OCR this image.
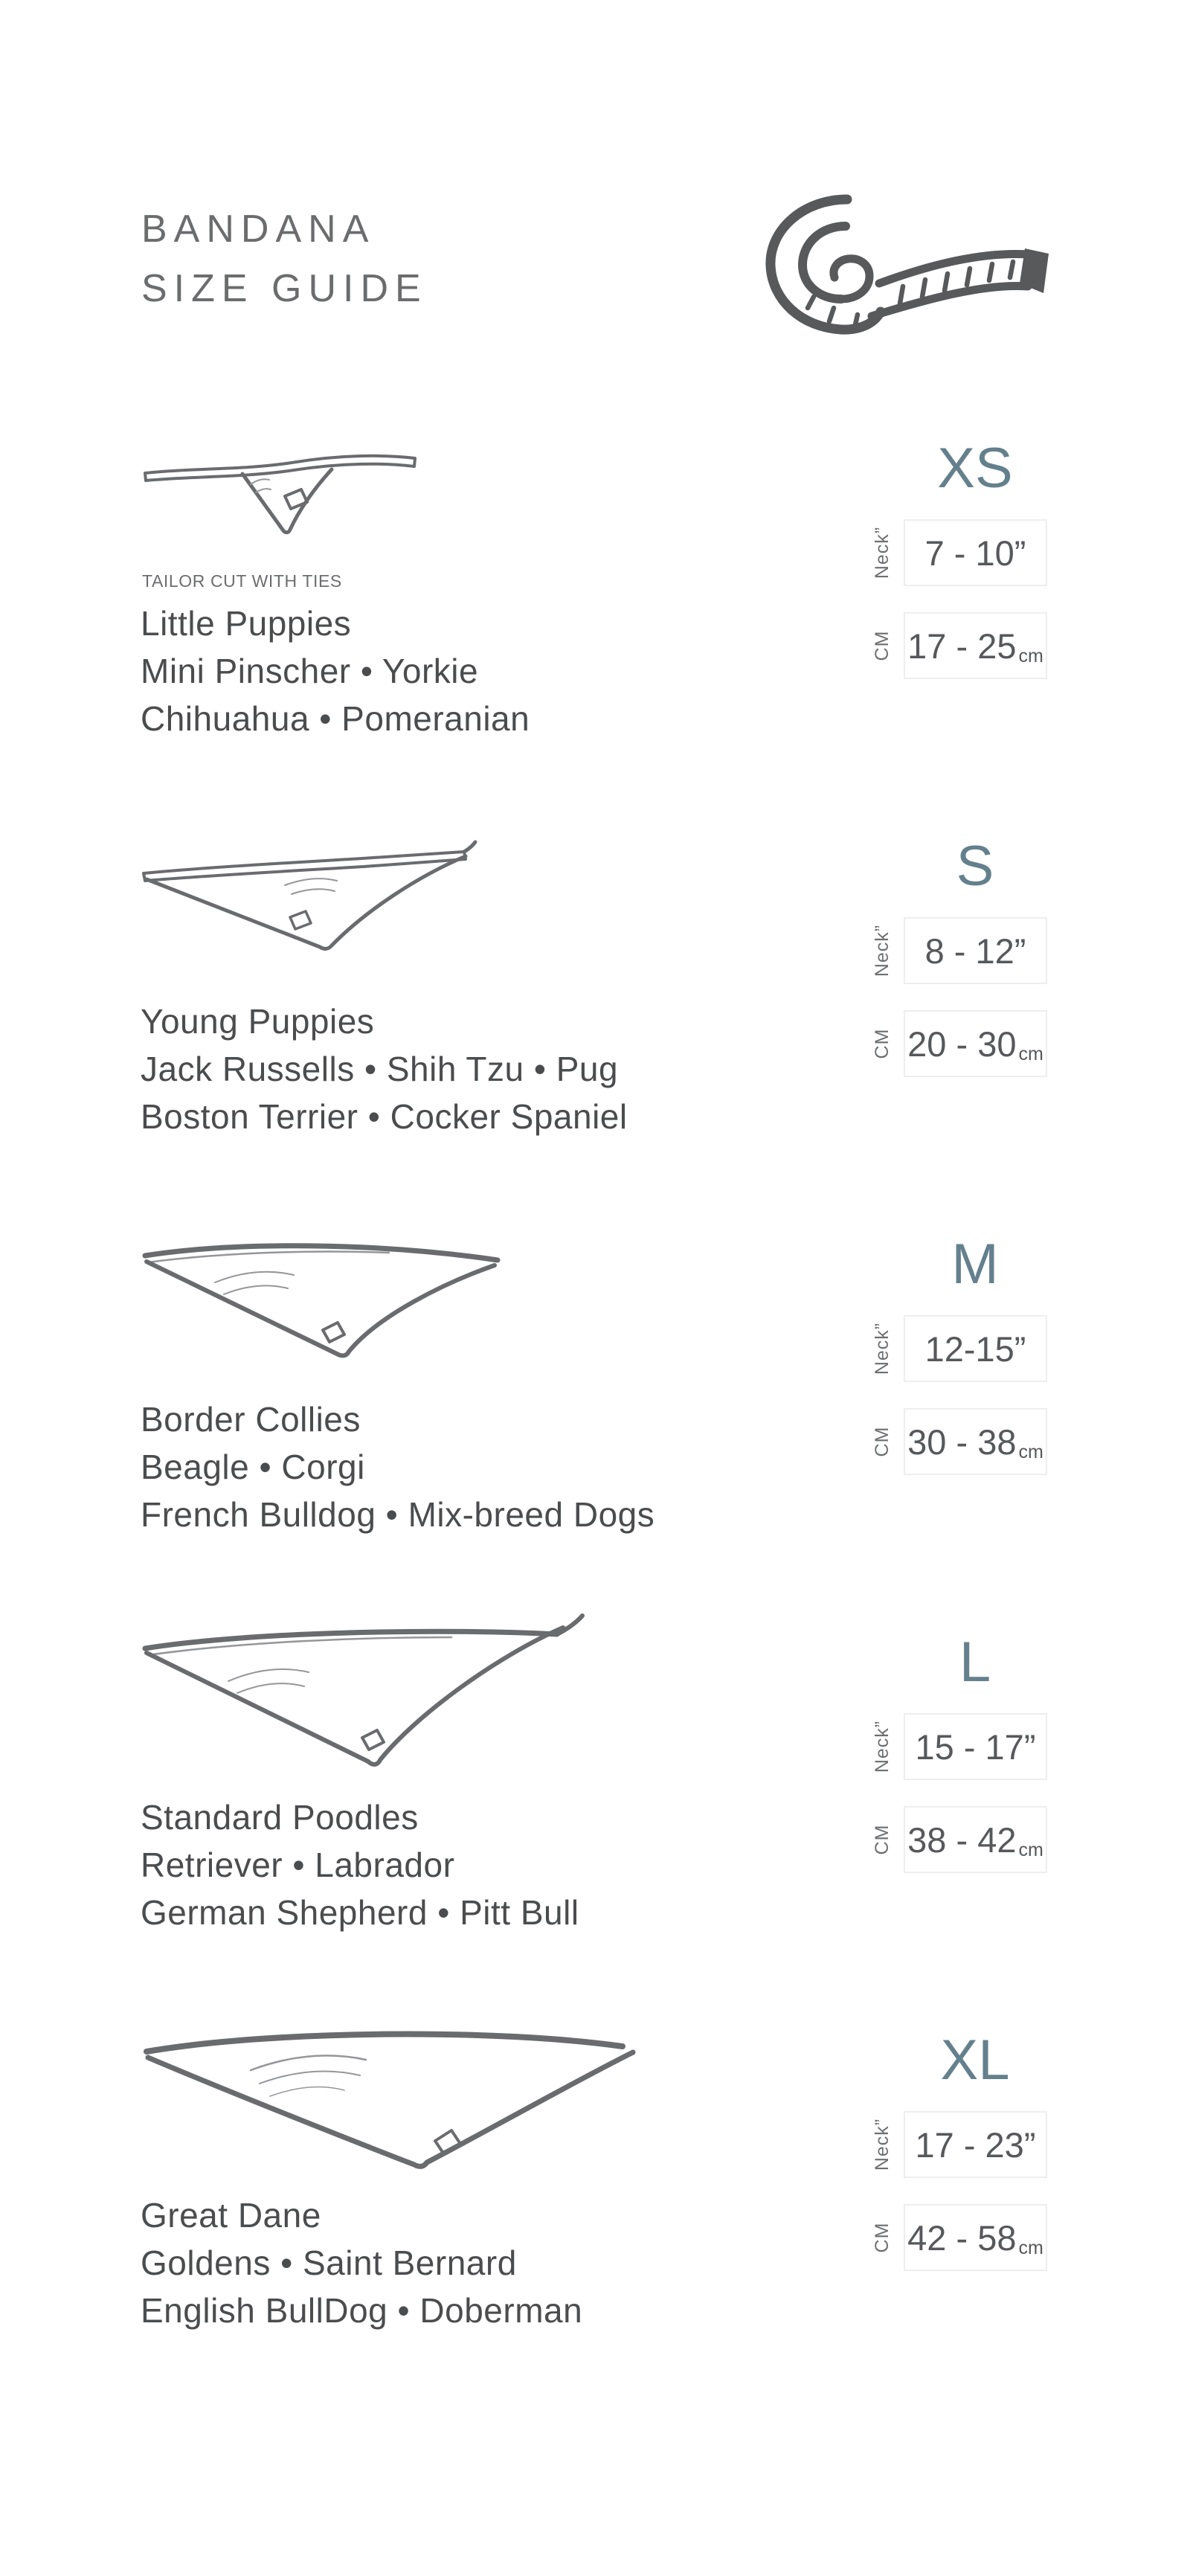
BANDANA
SIZE GUIDE
TAILOR CUT WITH TIES
Little Puppies
Mini Pinscher • Yorkie
Chihuahua • Pomeranian
XS
Neck” 7 - 10”
CM 17 - 25 cm
Young Puppies
Jack Russells • Shih Tzu • Pug
Boston Terrier • Cocker Spaniel
S
Neck” 8 - 12”
CM 20 - 30 cm
Border Collies
Beagle • Corgi
French Bulldog • Mix-breed Dogs
M
Neck” 12-15”
CM 30 - 38 cm
Standard Poodles
Retriever • Labrador
German Shepherd • Pitt Bull
L
Neck” 15 - 17”
CM 38 - 42 cm
Great Dane
Goldens • Saint Bernard
English BullDog • Doberman
XL
Neck” 17 - 23”
CM 42 - 58 cm
